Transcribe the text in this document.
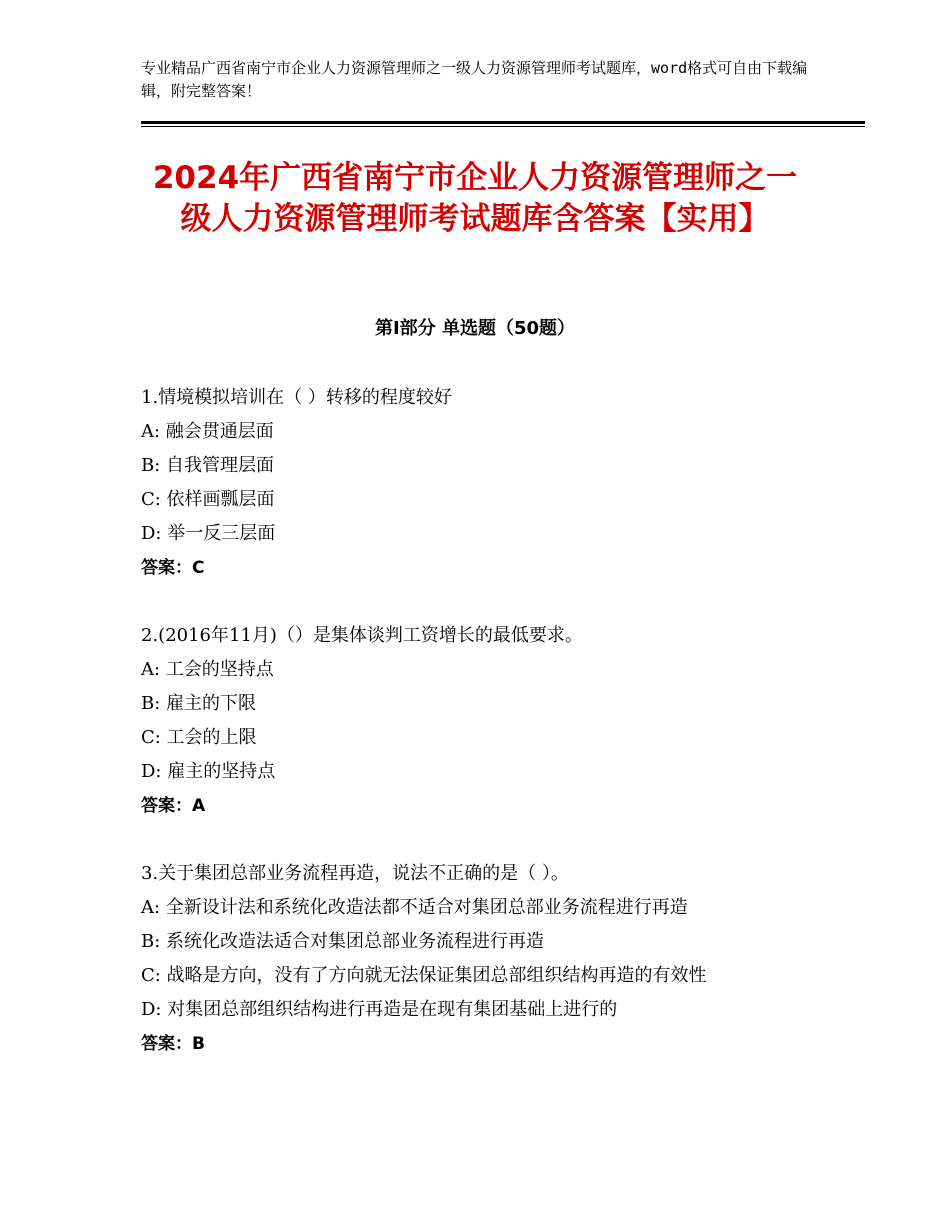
专业精品广西省南宁市企业人力资源管理师之一级人力资源管理师考试题库，word格式可自由下载编辑，附完整答案！
2024年广西省南宁市企业人力资源管理师之一级人力资源管理师考试题库含答案【实用】
第Ⅰ部分 单选题（50题）
1.情境模拟培训在（ ）转移的程度较好
A: 融会贯通层面
B: 自我管理层面
C: 依样画瓢层面
D: 举一反三层面
答案：C
2.(2016年11月)（）是集体谈判工资增长的最低要求。
A: 工会的坚持点
B: 雇主的下限
C: 工会的上限
D: 雇主的坚持点
答案：A
3.关于集团总部业务流程再造，说法不正确的是（ ）。
A: 全新设计法和系统化改造法都不适合对集团总部业务流程进行再造
B: 系统化改造法适合对集团总部业务流程进行再造
C: 战略是方向，没有了方向就无法保证集团总部组织结构再造的有效性
D: 对集团总部组织结构进行再造是在现有集团基础上进行的
答案：B
